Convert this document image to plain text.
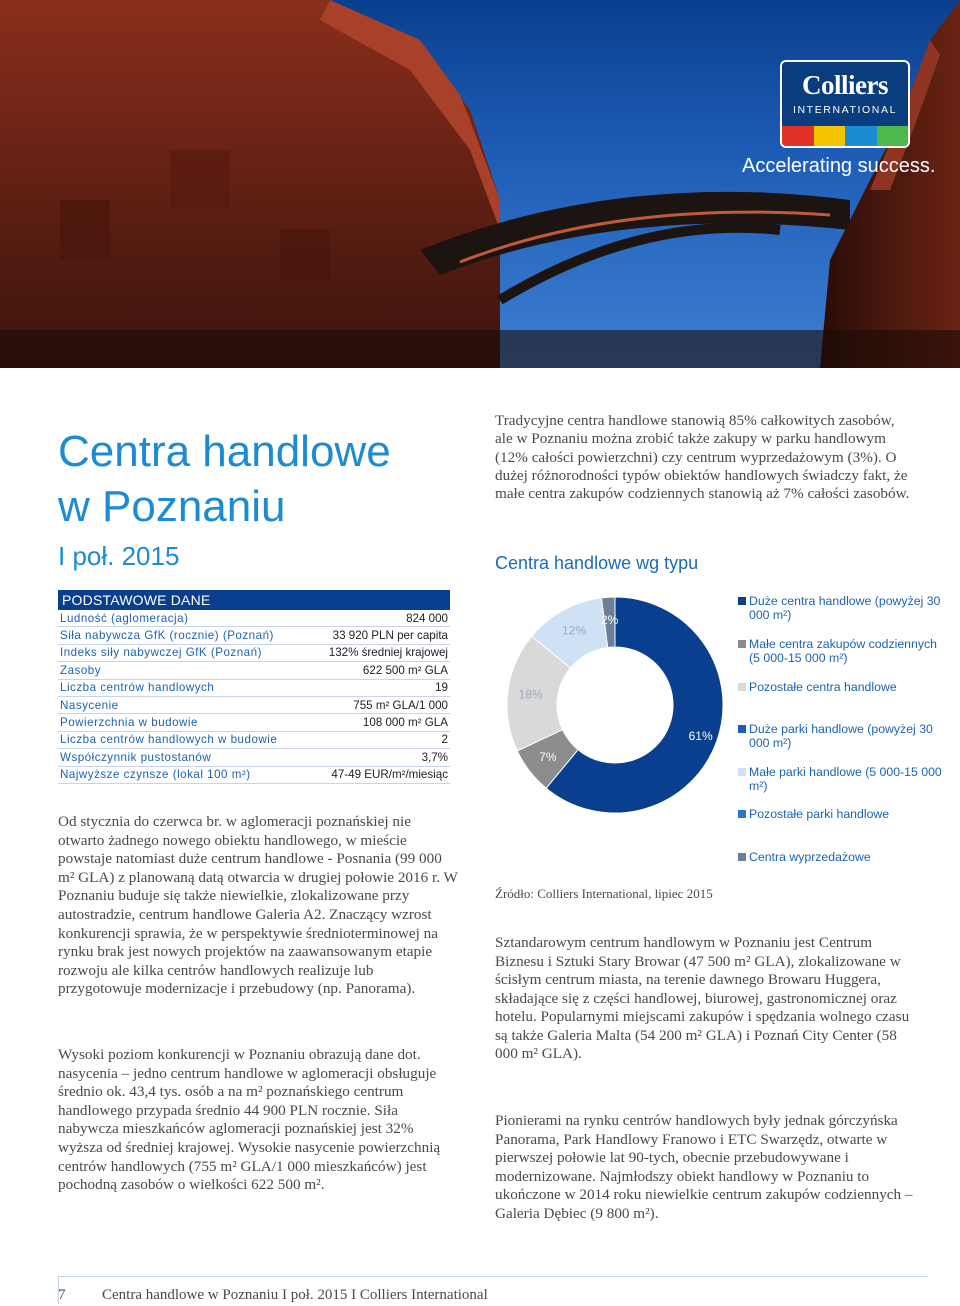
Colliers
INTERNATIONAL
Accelerating success.
Centra handlowe
w Poznaniu
I poł. 2015
Tradycyjne centra handlowe stanowią 85% całkowitych zasobów, ale w Poznaniu można zrobić także zakupy w parku handlowym (12% całości powierzchni) czy centrum wyprzedażowym (3%). O dużej różnorodności typów obiektów handlowych świadczy fakt, że małe centra zakupów codziennych stanowią aż 7% całości zasobów.
Centra handlowe wg typu
PODSTAWOWE DANE
Ludność (aglomeracja)	824 000
Siła nabywcza GfK (rocznie) (Poznań)	33 920 PLN per capita
Indeks siły nabywczej GfK (Poznań)	132% średniej krajowej
Zasoby	622 500 m² GLA
Liczba centrów handlowych	19
Nasycenie	755 m² GLA/1 000
Powierzchnia w budowie	108 000 m² GLA
Liczba centrów handlowych w budowie	2
Współczynnik pustostanów	3,7%
Najwyższe czynsze (lokal 100 m²)	47-49 EUR/m²/miesiąc
Od stycznia do czerwca br. w aglomeracji poznańskiej nie otwarto żadnego nowego obiektu handlowego, w mieście powstaje natomiast duże centrum handlowe - Posnania (99 000 m² GLA) z planowaną datą otwarcia w drugiej połowie 2016 r. W Poznaniu buduje się także niewielkie, zlokalizowane przy autostradzie, centrum handlowe Galeria A2. Znaczący wzrost konkurencji sprawia, że w perspektywie średnioterminowej na rynku brak jest nowych projektów na zaawansowanym etapie rozwoju ale kilka centrów handlowych realizuje lub przygotowuje modernizacje i przebudowy (np. Panorama).
Wysoki poziom konkurencji w Poznaniu obrazują dane dot. nasycenia – jedno centrum handlowe w aglomeracji obsługuje średnio ok. 43,4 tys. osób a na m² poznańskiego centrum handlowego przypada średnio 44 900 PLN rocznie. Siła nabywcza mieszkańców aglomeracji poznańskiej jest 32% wyższa od średniej krajowej. Wysokie nasycenie powierzchnią centrów handlowych (755 m² GLA/1 000 mieszkańców) jest pochodną zasobów o wielkości 622 500 m².
61%
7%
18%
12%
2%
Duże centra handlowe (powyżej 30 000 m²)
Małe centra zakupów codziennych (5 000-15 000 m²)
Pozostałe centra handlowe
Duże parki handlowe (powyżej 30 000 m²)
Małe parki handlowe (5 000-15 000 m²)
Pozostałe parki handlowe
Centra wyprzedażowe
Źródło: Colliers International, lipiec 2015
Sztandarowym centrum handlowym w Poznaniu jest Centrum Biznesu i Sztuki Stary Browar (47 500 m² GLA), zlokalizowane w ścisłym centrum miasta, na terenie dawnego Browaru Huggera, składające się z części handlowej, biurowej, gastronomicznej oraz hotelu. Popularnymi miejscami zakupów i spędzania wolnego czasu są także Galeria Malta (54 200 m² GLA) i Poznań City Center (58 000 m² GLA).
Pionierami na rynku centrów handlowych były jednak górczyńska Panorama, Park Handlowy Franowo i ETC Swarzędz, otwarte w pierwszej połowie lat 90-tych, obecnie przebudowywane i modernizowane. Najmłodszy obiekt handlowy w Poznaniu to ukończone w 2014 roku niewielkie centrum zakupów codziennych – Galeria Dębiec (9 800 m²).
7 Centra handlowe w Poznaniu I poł. 2015 I Colliers International
